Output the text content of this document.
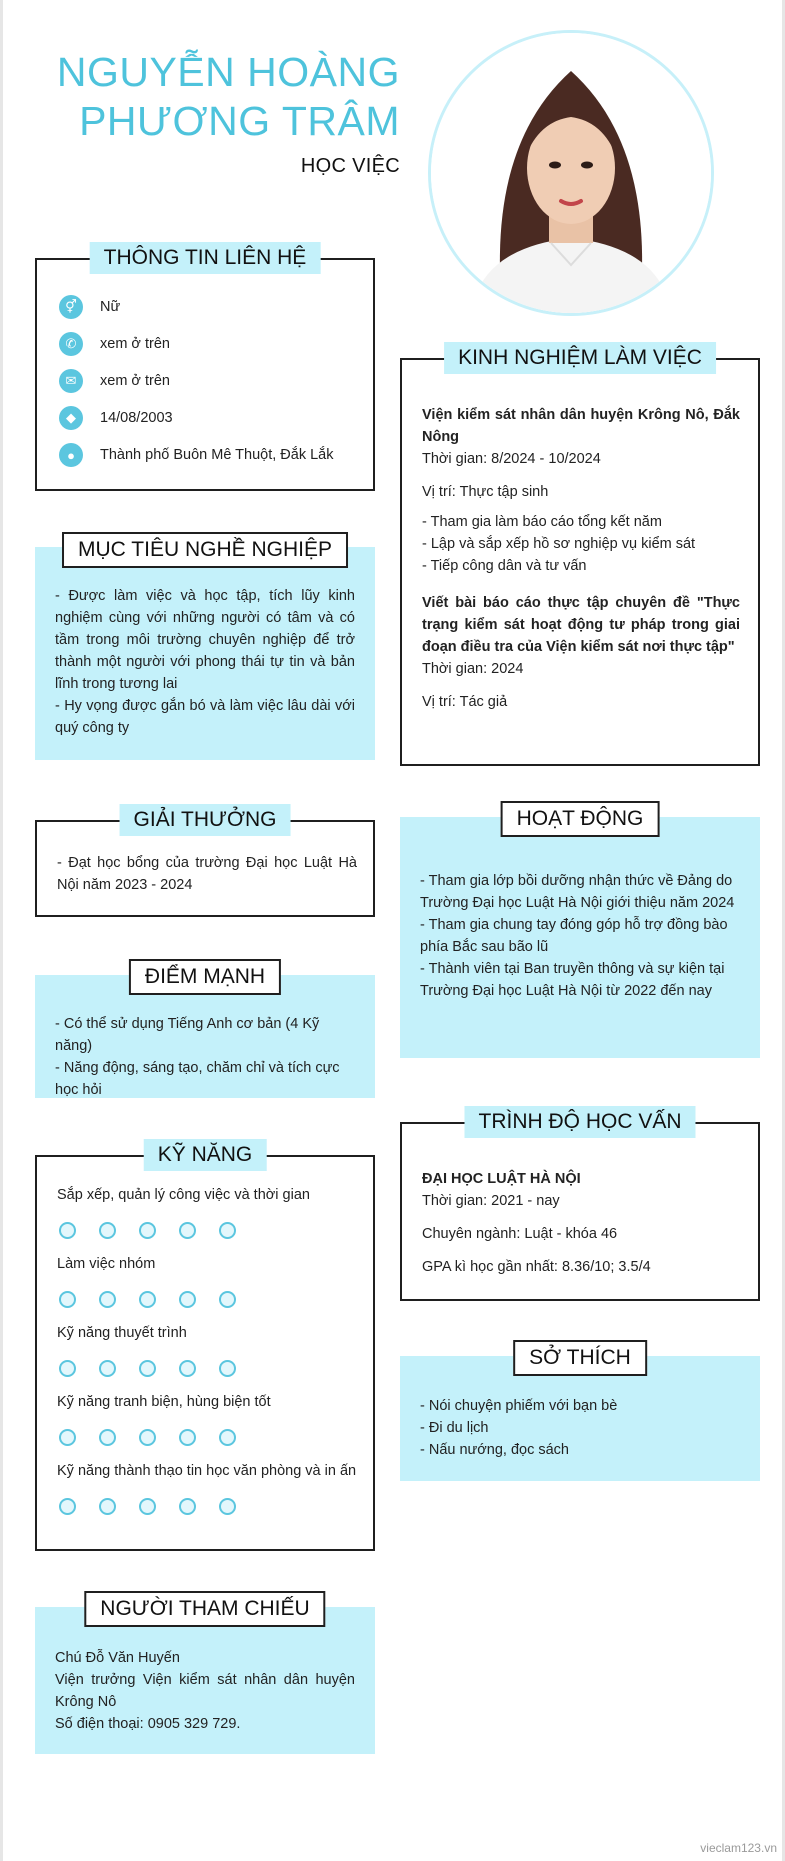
NGUYỄN HOÀNG
PHƯƠNG TRÂM
HỌC VIỆC
THÔNG TIN LIÊN HỆ
⚥	Nữ
✆	xem ở trên
✉	xem ở trên
◆	14/08/2003
●	Thành phố Buôn Mê Thuột, Đắk Lắk
MỤC TIÊU NGHỀ NGHIỆP
- Được làm việc và học tập, tích lũy kinh nghiệm cùng với những người có tâm và có tầm trong môi trường chuyên nghiệp để trở thành một người với phong thái tự tin và bản lĩnh trong tương lai
- Hy vọng được gắn bó và làm việc lâu dài với quý công ty
GIẢI THƯỞNG
- Đạt học bổng của trường Đại học Luật Hà Nội năm 2023 - 2024
ĐIỂM MẠNH
- Có thể sử dụng Tiếng Anh cơ bản (4 Kỹ năng)
- Năng động, sáng tạo, chăm chỉ và tích cực học hỏi
KỸ NĂNG
Sắp xếp, quản lý công việc và thời gian
Làm việc nhóm
Kỹ năng thuyết trình
Kỹ năng tranh biện, hùng biện tốt
Kỹ năng thành thạo tin học văn phòng và in ấn
NGƯỜI THAM CHIẾU
Chú Đỗ Văn Huyến
Viện trưởng Viện kiểm sát nhân dân huyện Krông Nô
Số điện thoại: 0905 329 729.
KINH NGHIỆM LÀM VIỆC
Viện kiểm sát nhân dân huyện Krông Nô, Đắk Nông
Thời gian: 8/2024 - 10/2024
Vị trí: Thực tập sinh
- Tham gia làm báo cáo tổng kết năm
- Lập và sắp xếp hồ sơ nghiệp vụ kiểm sát
- Tiếp công dân và tư vấn
Viết bài báo cáo thực tập chuyên đề "Thực trạng kiểm sát hoạt động tư pháp trong giai đoạn điều tra của Viện kiểm sát nơi thực tập"
Thời gian: 2024
Vị trí: Tác giả
HOẠT ĐỘNG
- Tham gia lớp bồi dưỡng nhận thức về Đảng do Trường Đại học Luật Hà Nội giới thiệu năm 2024
- Tham gia chung tay đóng góp hỗ trợ đồng bào phía Bắc sau bão lũ
- Thành viên tại Ban truyền thông và sự kiện tại Trường Đại học Luật Hà Nội từ 2022 đến nay
TRÌNH ĐỘ HỌC VẤN
ĐẠI HỌC LUẬT HÀ NỘI
Thời gian: 2021 - nay
Chuyên ngành: Luật - khóa 46
GPA kì học gần nhất: 8.36/10; 3.5/4
SỞ THÍCH
- Nói chuyện phiếm với bạn bè
- Đi du lịch
- Nấu nướng, đọc sách
vieclam123.vn
